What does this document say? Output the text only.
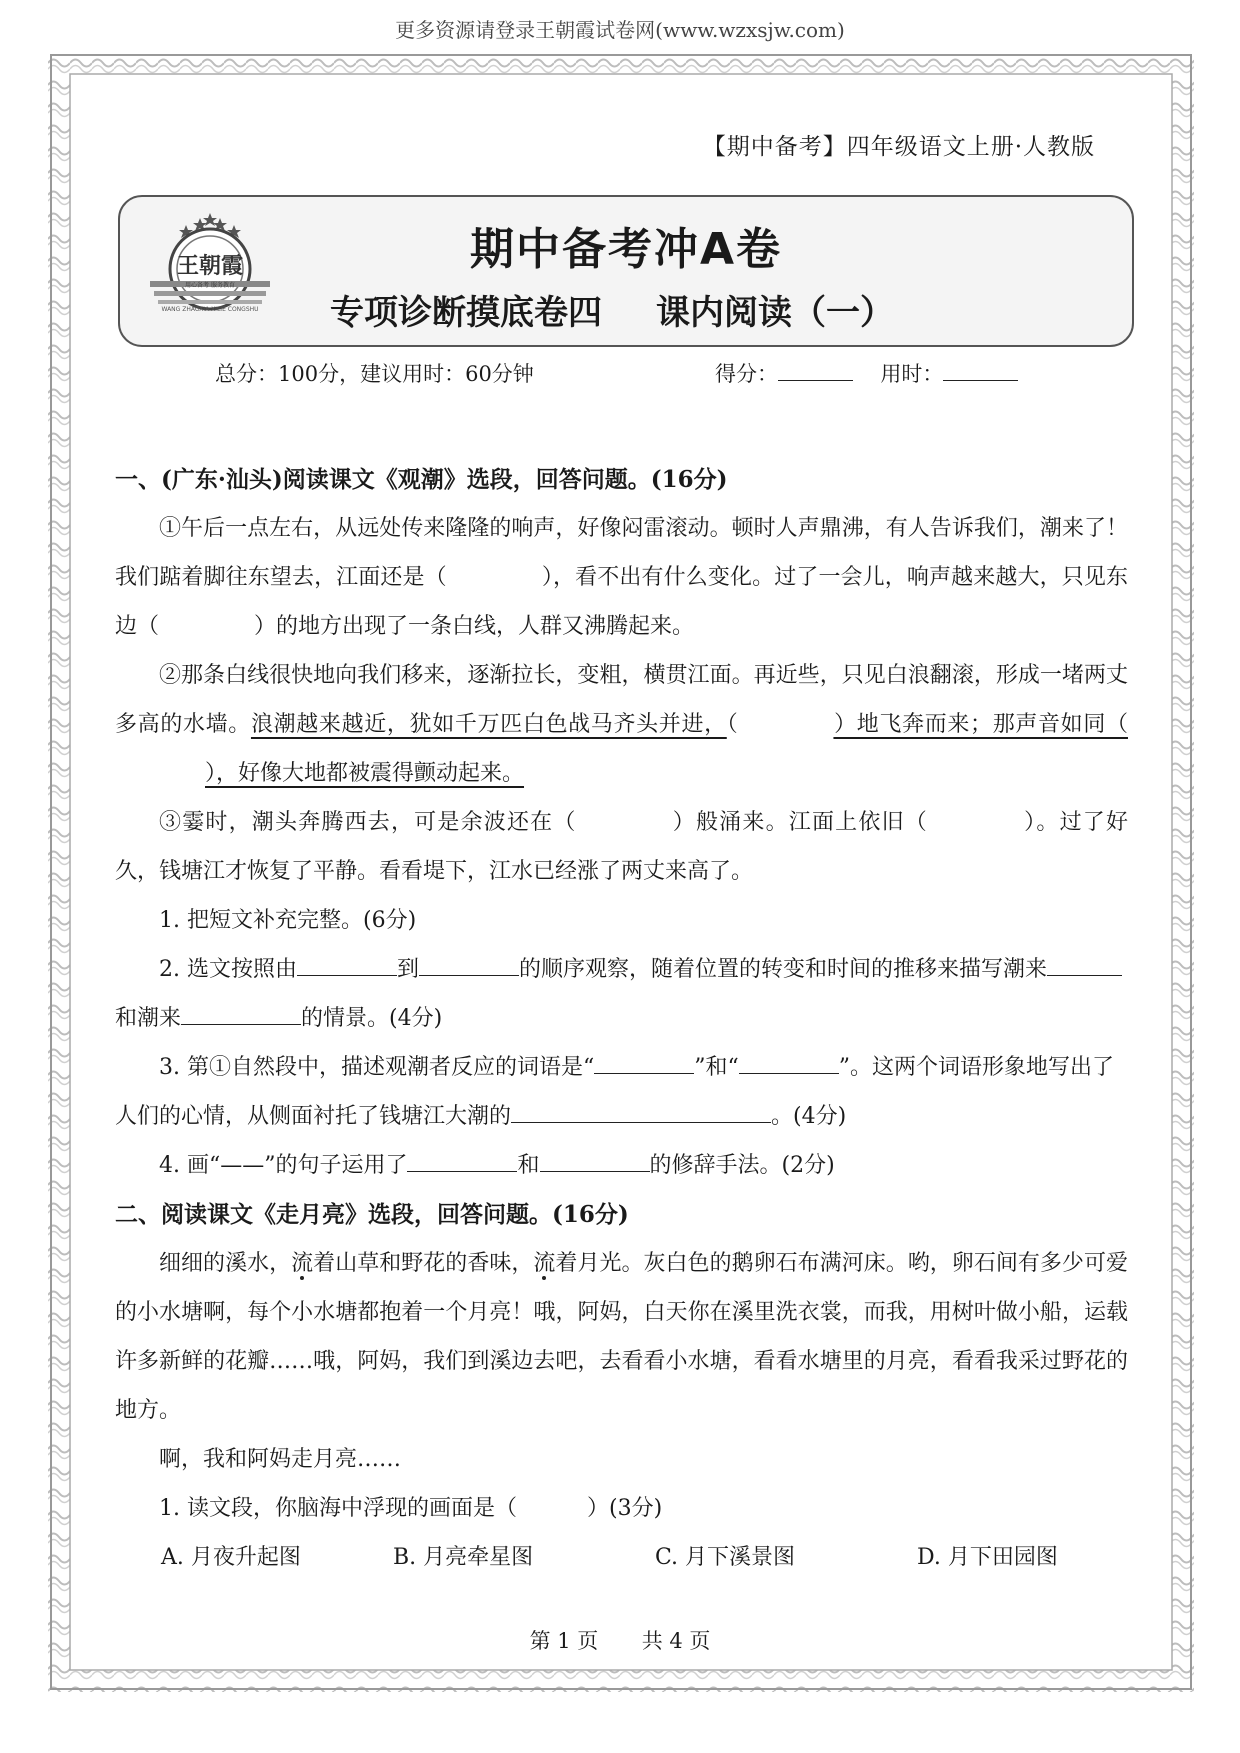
更多资源请登录王朝霞试卷网(www.wzxsjw.com)
【期中备考】四年级语文上册·人教版
王朝霞
用心备考 服务教育
WANG ZHAOXIA XILIE CONGSHU
期中备考冲A卷
专项诊断摸底卷四 课内阅读（一）
总分：100分，建议用时：60分钟	得分：	用时：

一、(广东·汕头)阅读课文《观潮》选段，回答问题。(16分)

①午后一点左右，从远处传来隆隆的响声，好像闷雷滚动。顿时人声鼎沸，有人告诉我们，潮来了！我们踮着脚往东望去，江面还是（	），看不出有什么变化。过了一会儿，响声越来越大，只见东边（	）的地方出现了一条白线，人群又沸腾起来。

②那条白线很快地向我们移来，逐渐拉长，变粗，横贯江面。再近些，只见白浪翻滚，形成一堵两丈多高的水墙。浪潮越来越近，犹如千万匹白色战马齐头并进，（	）地飞奔而来；那声音如同（），好像大地都被震得颤动起来。

③霎时，潮头奔腾西去，可是余波还在（	）般涌来。江面上依旧（	）。过了好久，钱塘江才恢复了平静。看看堤下，江水已经涨了两丈来高了。

1. 把短文补充完整。(6分)

2. 选文按照由	到	的顺序观察，随着位置的转变和时间的推移来描写潮来和潮来	的情景。(4分)

3. 第①自然段中，描述观潮者反应的词语是“	”和“	”。这两个词语形象地写出了人们的心情，从侧面衬托了钱塘江大潮的	。(4分)

4. 画“——”的句子运用了	和	的修辞手法。(2分)

二、阅读课文《走月亮》选段，回答问题。(16分)

细细的溪水，流着山草和野花的香味，流着月光。灰白色的鹅卵石布满河床。哟，卵石间有多少可爱的小水塘啊，每个小水塘都抱着一个月亮！哦，阿妈，白天你在溪里洗衣裳，而我，用树叶做小船，运载许多新鲜的花瓣……哦，阿妈，我们到溪边去吧，去看看小水塘，看看水塘里的月亮，看看我采过野花的地方。

啊，我和阿妈走月亮……

1. 读文段，你脑海中浮现的画面是（	）(3分)

A. 月夜升起图	B. 月亮牵星图	C. 月下溪景图	D. 月下田园图
第 1 页 共 4 页
